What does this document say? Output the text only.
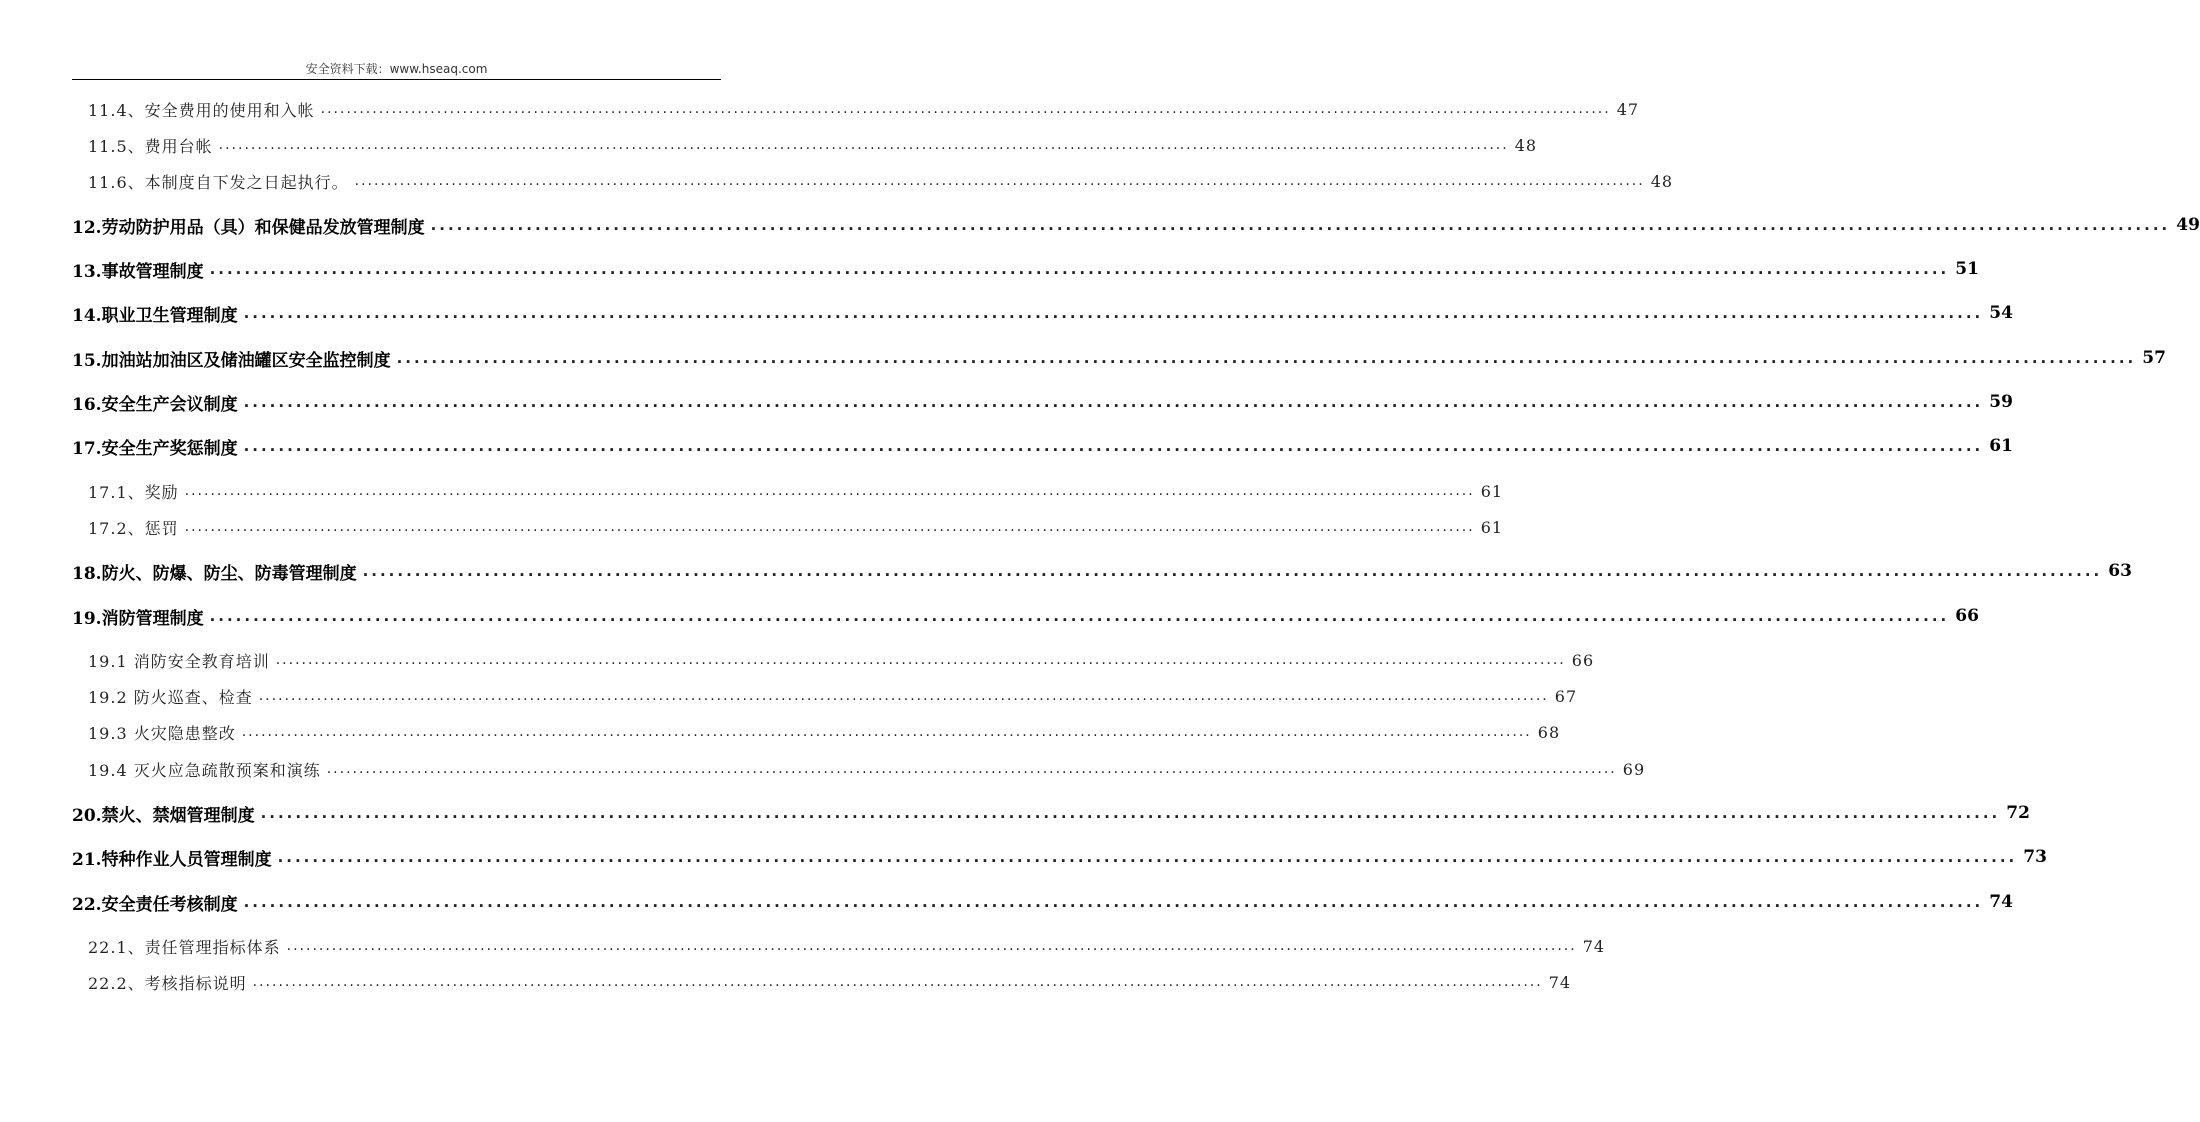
安全资料下载：www.hseaq.com
11.4、安全费用的使用和入帐 ........................................................................................................................................................................................................ 47
11.5、费用台帐 ........................................................................................................................................................................................................ 48
11.6、本制度自下发之日起执行。 ........................................................................................................................................................................................................ 48
12.劳动防护用品（具）和保健品发放管理制度 ........................................................................................................................................................................................................ 49
13.事故管理制度 ........................................................................................................................................................................................................ 51
14.职业卫生管理制度 ........................................................................................................................................................................................................ 54
15.加油站加油区及储油罐区安全监控制度 ........................................................................................................................................................................................................ 57
16.安全生产会议制度 ........................................................................................................................................................................................................ 59
17.安全生产奖惩制度 ........................................................................................................................................................................................................ 61
17.1、奖励 ........................................................................................................................................................................................................ 61
17.2、惩罚 ........................................................................................................................................................................................................ 61
18.防火、防爆、防尘、防毒管理制度 ........................................................................................................................................................................................................ 63
19.消防管理制度 ........................................................................................................................................................................................................ 66
19.1 消防安全教育培训 ........................................................................................................................................................................................................ 66
19.2 防火巡查、检查 ........................................................................................................................................................................................................ 67
19.3 火灾隐患整改 ........................................................................................................................................................................................................ 68
19.4 灭火应急疏散预案和演练 ........................................................................................................................................................................................................ 69
20.禁火、禁烟管理制度 ........................................................................................................................................................................................................ 72
21.特种作业人员管理制度 ........................................................................................................................................................................................................ 73
22.安全责任考核制度 ........................................................................................................................................................................................................ 74
22.1、责任管理指标体系 ........................................................................................................................................................................................................ 74
22.2、考核指标说明 ........................................................................................................................................................................................................ 74
